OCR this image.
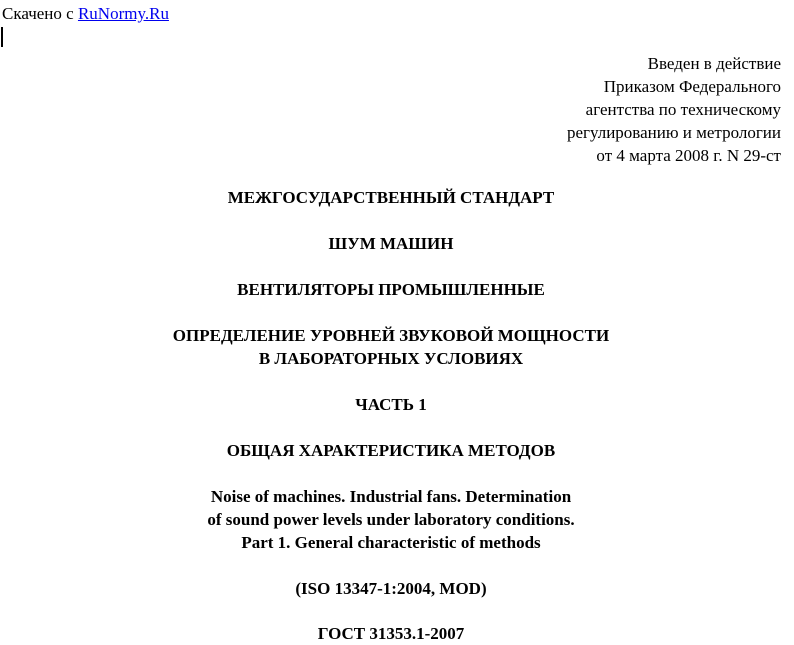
Скачено с RuNormy.Ru
Введен в действие
Приказом Федерального
агентства по техническому
регулированию и метрологии
от 4 марта 2008 г. N 29-ст
МЕЖГОСУДАРСТВЕННЫЙ СТАНДАРТ
ШУМ МАШИН
ВЕНТИЛЯТОРЫ ПРОМЫШЛЕННЫЕ
ОПРЕДЕЛЕНИЕ УРОВНЕЙ ЗВУКОВОЙ МОЩНОСТИ
В ЛАБОРАТОРНЫХ УСЛОВИЯХ
ЧАСТЬ 1
ОБЩАЯ ХАРАКТЕРИСТИКА МЕТОДОВ
Noise of machines. Industrial fans. Determination
of sound power levels under laboratory conditions.
Part 1. General characteristic of methods
(ISO 13347-1:2004, MOD)
ГОСТ 31353.1-2007
